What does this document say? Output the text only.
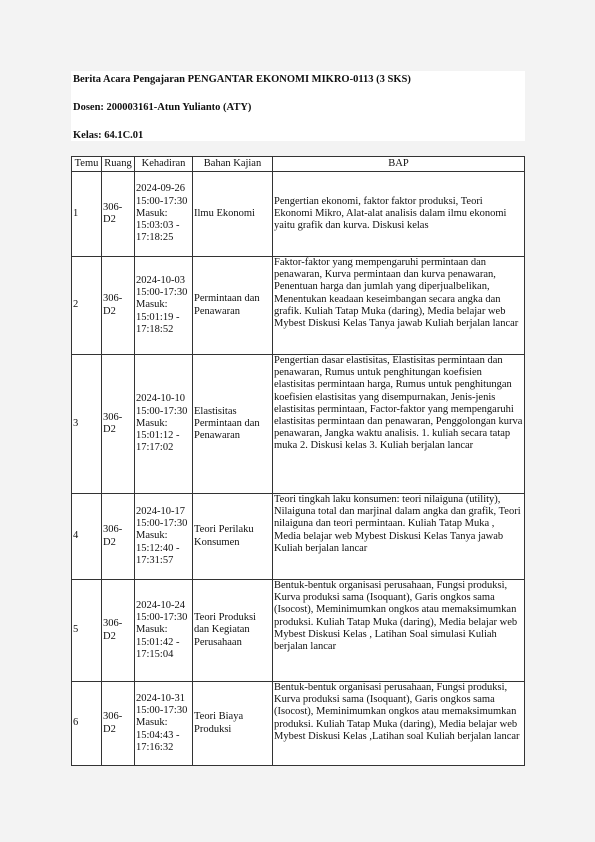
Berita Acara Pengajaran PENGANTAR EKONOMI MIKRO-0113 (3 SKS)
Dosen: 200003161-Atun Yulianto (ATY)
Kelas: 64.1C.01
Temu	Ruang	Kehadiran	Bahan Kajian	BAP
1	306-D2	2024-09-26 15:00-17:30 Masuk: 15:03:03 - 17:18:25	Ilmu Ekonomi	Pengertian ekonomi, faktor faktor produksi, Teori Ekonomi Mikro, Alat-alat analisis dalam ilmu ekonomi yaitu grafik dan kurva. Diskusi kelas
2	306-D2	2024-10-03 15:00-17:30 Masuk: 15:01:19 - 17:18:52	Permintaan dan Penawaran	Faktor-faktor yang mempengaruhi permintaan dan penawaran, Kurva permintaan dan kurva penawaran, Penentuan harga dan jumlah yang diperjualbelikan, Menentukan keadaan keseimbangan secara angka dan grafik. Kuliah Tatap Muka (daring), Media belajar web Mybest Diskusi Kelas Tanya jawab Kuliah berjalan lancar
3	306-D2	2024-10-10 15:00-17:30 Masuk: 15:01:12 - 17:17:02	Elastisitas Permintaan dan Penawaran	Pengertian dasar elastisitas, Elastisitas permintaan dan penawaran, Rumus untuk penghitungan koefisien elastisitas permintaan harga, Rumus untuk penghitungan koefisien elastisitas yang disempurnakan, Jenis-jenis elastisitas permintaan, Factor-faktor yang mempengaruhi elastisitas permintaan dan penawaran, Penggolongan kurva penawaran, Jangka waktu analisis. 1. kuliah secara tatap muka 2. Diskusi kelas 3. Kuliah berjalan lancar
4	306-D2	2024-10-17 15:00-17:30 Masuk: 15:12:40 - 17:31:57	Teori Perilaku Konsumen	Teori tingkah laku konsumen: teori nilaiguna (utility), Nilaiguna total dan marjinal dalam angka dan grafik, Teori nilaiguna dan teori permintaan. Kuliah Tatap Muka , Media belajar web Mybest Diskusi Kelas Tanya jawab Kuliah berjalan lancar
5	306-D2	2024-10-24 15:00-17:30 Masuk: 15:01:42 - 17:15:04	Teori Produksi dan Kegiatan Perusahaan	Bentuk-bentuk organisasi perusahaan, Fungsi produksi, Kurva produksi sama (Isoquant), Garis ongkos sama (Isocost), Meminimumkan ongkos atau memaksimumkan produksi. Kuliah Tatap Muka (daring), Media belajar web Mybest Diskusi Kelas , Latihan Soal simulasi Kuliah berjalan lancar
6	306-D2	2024-10-31 15:00-17:30 Masuk: 15:04:43 - 17:16:32	Teori Biaya Produksi	Bentuk-bentuk organisasi perusahaan, Fungsi produksi, Kurva produksi sama (Isoquant), Garis ongkos sama (Isocost), Meminimumkan ongkos atau memaksimumkan produksi. Kuliah Tatap Muka (daring), Media belajar web Mybest Diskusi Kelas ,Latihan soal Kuliah berjalan lancar
